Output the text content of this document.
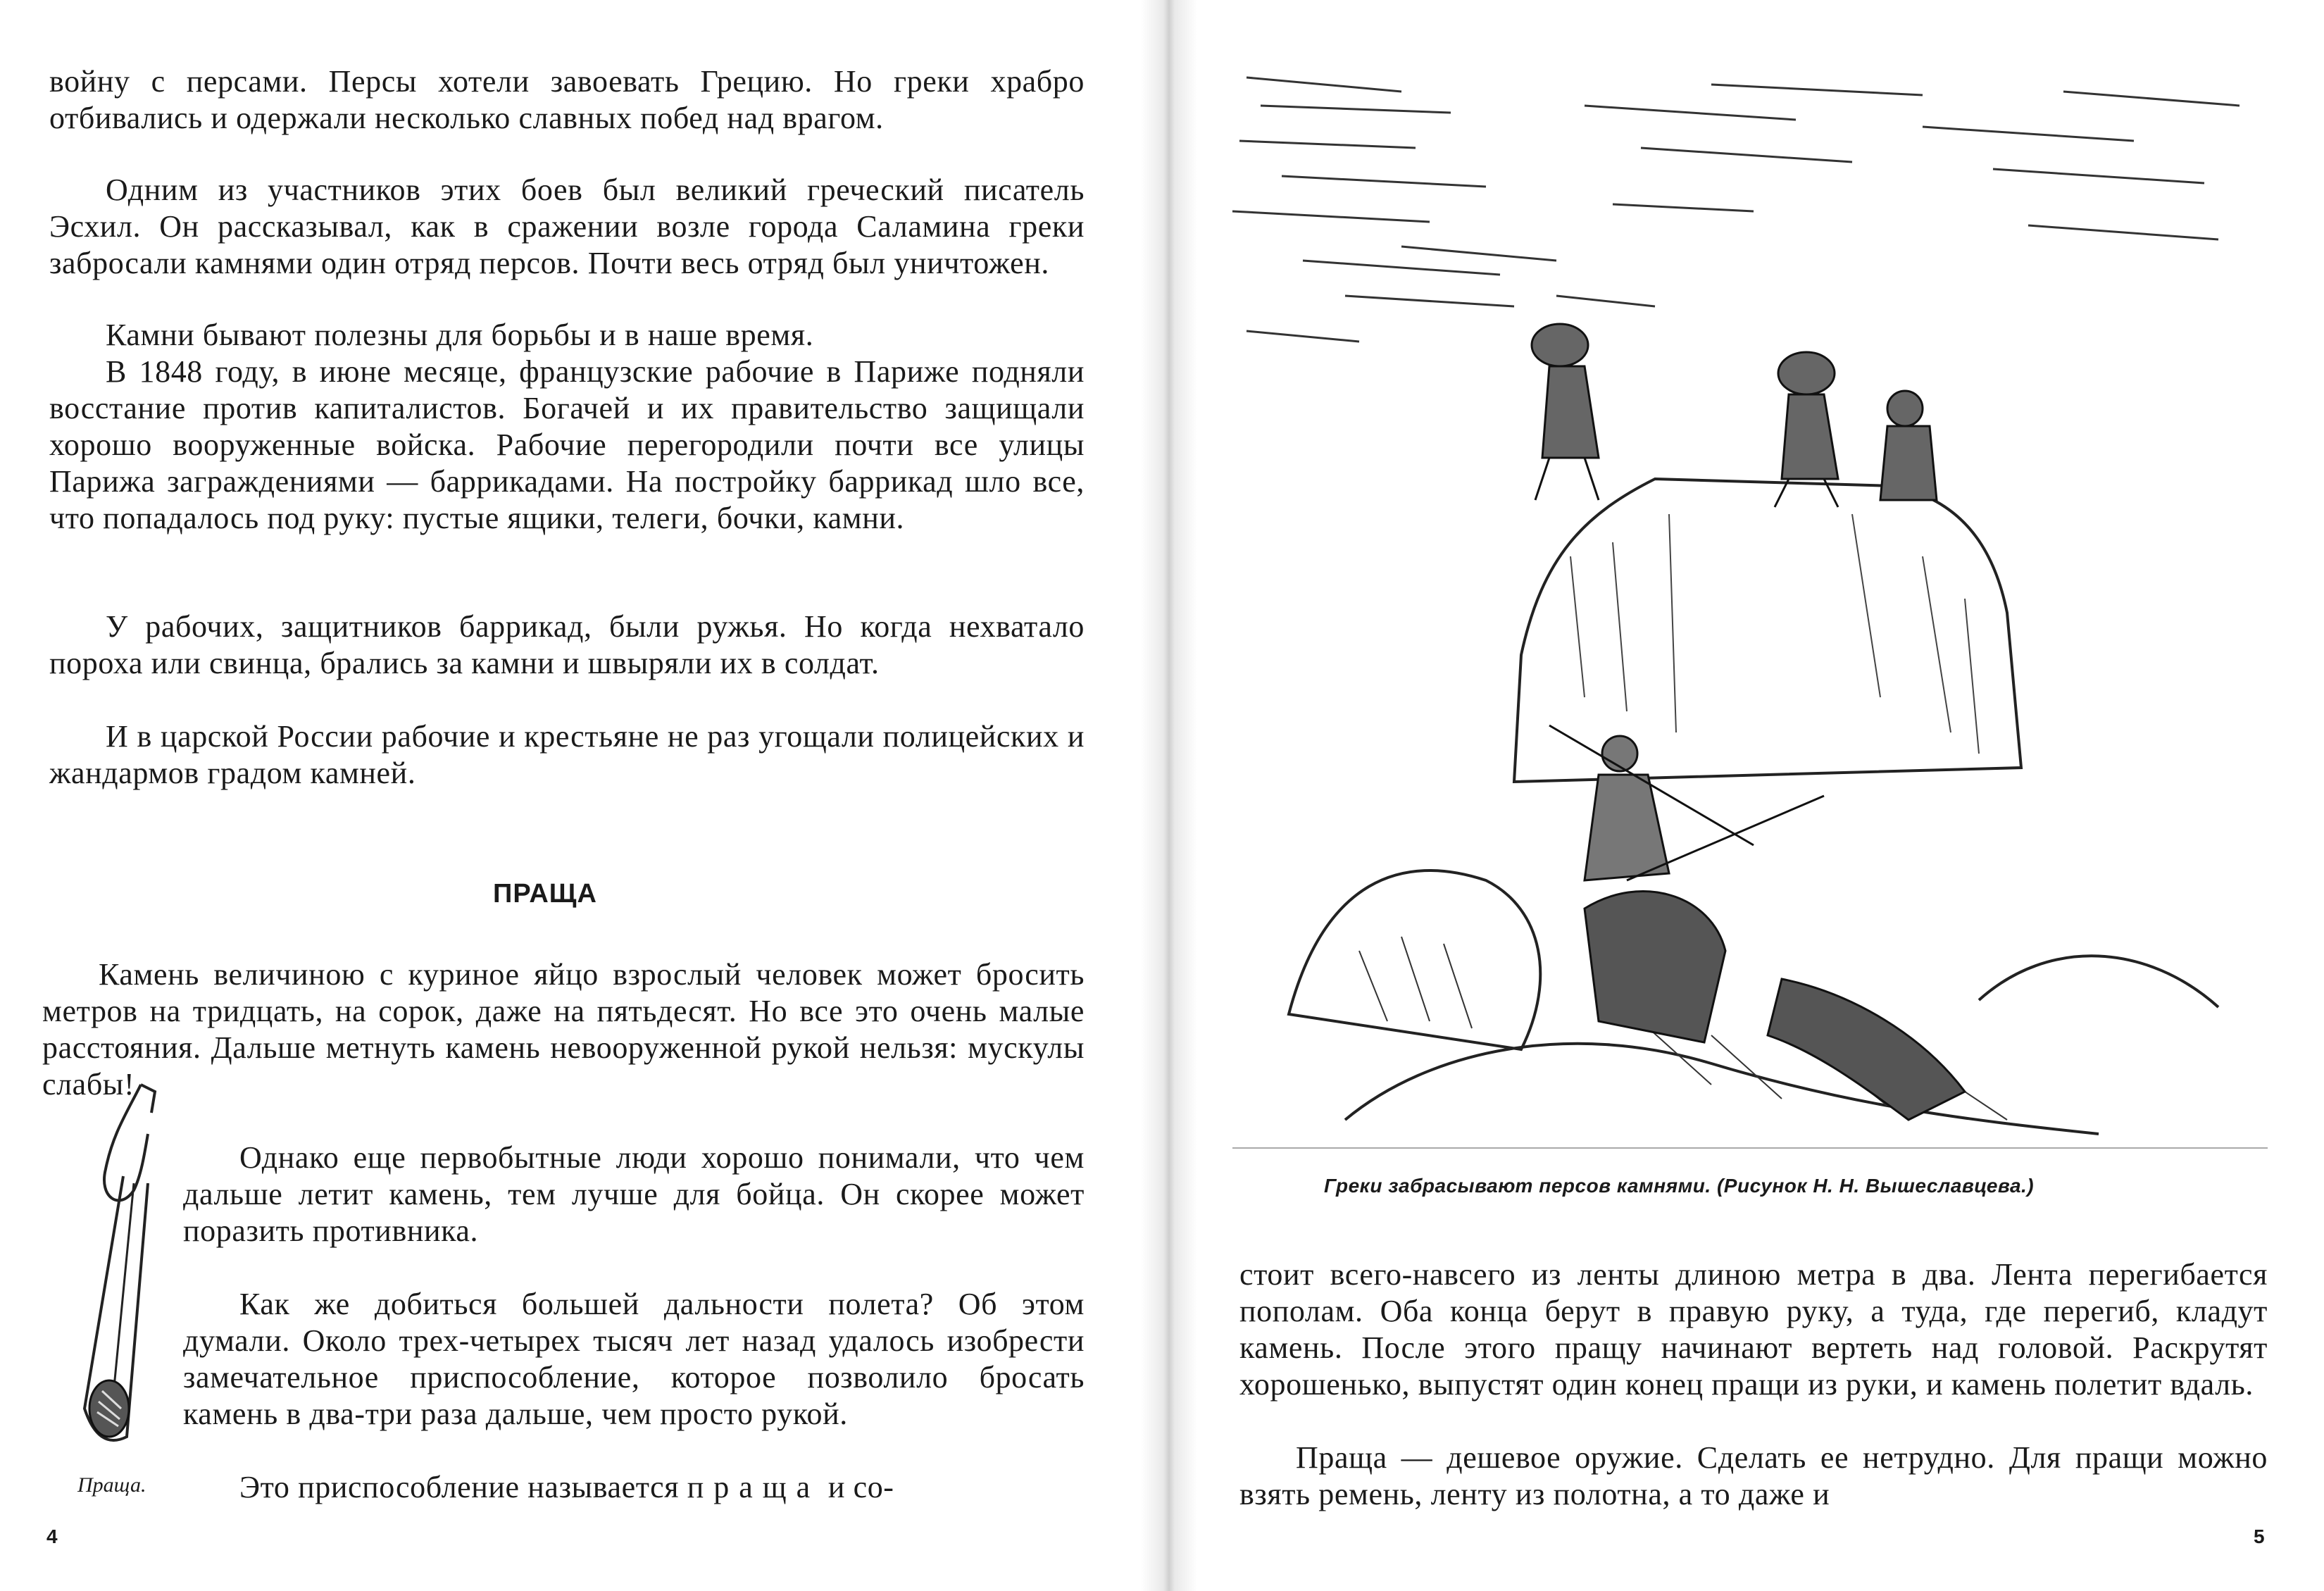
войну с персами. Персы хотели завоевать Грецию. Но греки храбро отбивались и одержали несколько славных побед над врагом.

Одним из участников этих боев был великий греческий писатель Эсхил. Он рассказывал, как в сражении возле города Саламина греки забросали камнями один отряд персов. Почти весь отряд был уничтожен.

Камни бывают полезны для борьбы и в наше время.

В 1848 году, в июне месяце, французские рабочие в Париже подняли восстание против капиталистов. Богачей и их правительство защищали хорошо вооруженные войска. Рабочие перегородили почти все улицы Парижа заграждениями — баррикадами. На постройку баррикад шло все, что попадалось под руку: пустые ящики, телеги, бочки, камни.

У рабочих, защитников баррикад, были ружья. Но когда нехватало пороха или свинца, брались за камни и швыряли их в солдат.

И в царской России рабочие и крестьяне не раз угощали полицейских и жандармов градом камней.

ПРАЩА

Камень величиною с куриное яйцо взрослый человек может бросить метров на тридцать, на сорок, даже на пятьдесят. Но все это очень малые расстояния. Дальше метнуть камень невооруженной рукой нельзя: мускулы слабы!

Однако еще первобытные люди хорошо понимали, что чем дальше летит камень, тем лучше для бойца. Он скорее может поразить противника.

Как же добиться большей дальности полета? Об этом думали. Около трех-четырех тысяч лет назад удалось изобрести замечательное приспособление, которое позволило бросать камень в два-три раза дальше, чем просто рукой.

Это приспособление называется праща и со-

Праща.
4
Греки забрасывают персов камнями. (Рисунок Н. Н. Вышеславцева.)

стоит всего-навсего из ленты длиною метра в два. Лента перегибается пополам. Оба конца берут в правую руку, а туда, где перегиб, кладут камень. После этого пращу начинают вертеть над головой. Раскрутят хорошенько, выпустят один конец пращи из руки, и камень полетит вдаль.

Праща — дешевое оружие. Сделать ее нетрудно. Для пращи можно взять ремень, ленту из полотна, а то даже и

5
